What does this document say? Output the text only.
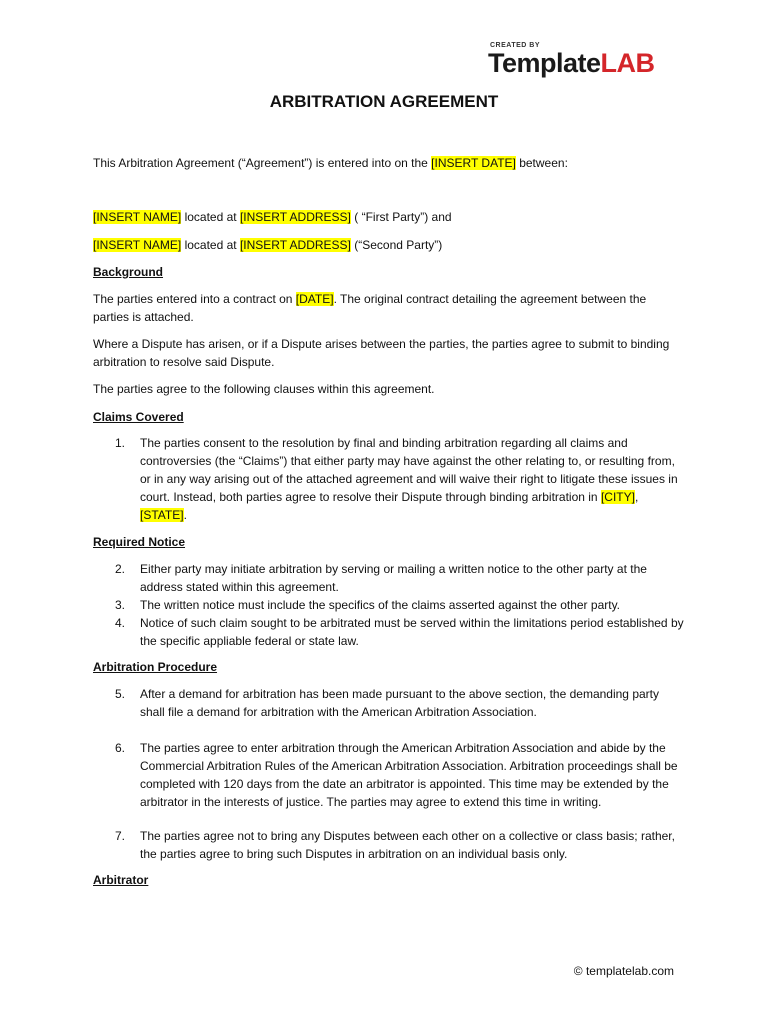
CREATED BY
TemplateLAB
ARBITRATION AGREEMENT
This Arbitration Agreement (“Agreement”) is entered into on the [INSERT DATE] between:
[INSERT NAME] located at [INSERT ADDRESS] ( “First Party”) and
[INSERT NAME] located at [INSERT ADDRESS] (“Second Party”)
Background
The parties entered into a contract on [DATE]. The original contract detailing the agreement between the parties is attached.
Where a Dispute has arisen, or if a Dispute arises between the parties, the parties agree to submit to binding arbitration to resolve said Dispute.
The parties agree to the following clauses within this agreement.
Claims Covered
1.	The parties consent to the resolution by final and binding arbitration regarding all claims and controversies (the “Claims”) that either party may have against the other relating to, or resulting from, or in any way arising out of the attached agreement and will waive their right to litigate these issues in court. Instead, both parties agree to resolve their Dispute through binding arbitration in [CITY], [STATE].
Required Notice
2.	Either party may initiate arbitration by serving or mailing a written notice to the other party at the address stated within this agreement.
3.	The written notice must include the specifics of the claims asserted against the other party.
4.	Notice of such claim sought to be arbitrated must be served within the limitations period established by the specific appliable federal or state law.
Arbitration Procedure
5.	After a demand for arbitration has been made pursuant to the above section, the demanding party shall file a demand for arbitration with the American Arbitration Association.
6.	The parties agree to enter arbitration through the American Arbitration Association and abide by the Commercial Arbitration Rules of the American Arbitration Association. Arbitration proceedings shall be completed with 120 days from the date an arbitrator is appointed. This time may be extended by the arbitrator in the interests of justice. The parties may agree to extend this time in writing.
7.	The parties agree not to bring any Disputes between each other on a collective or class basis; rather, the parties agree to bring such Disputes in arbitration on an individual basis only.
Arbitrator
© templatelab.com
